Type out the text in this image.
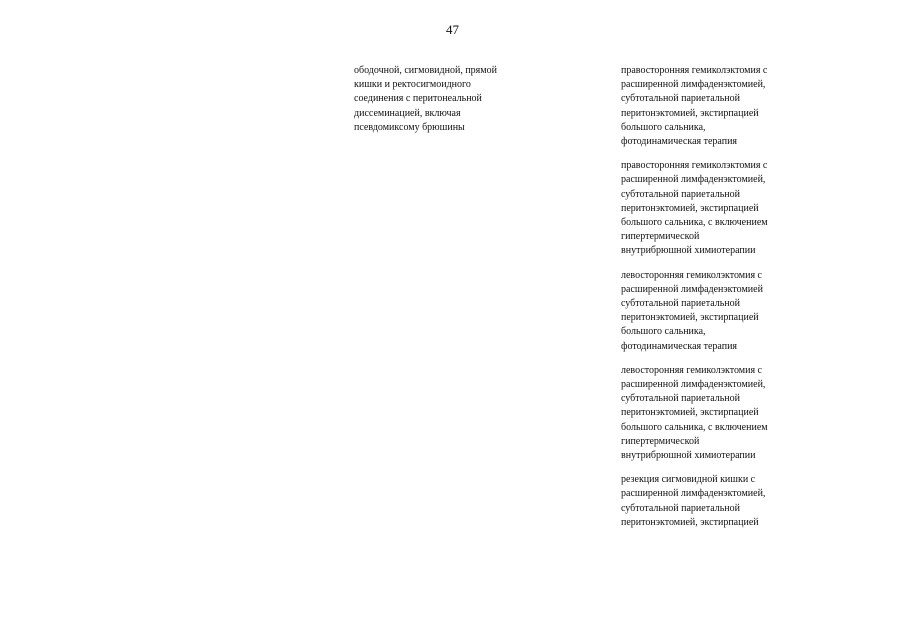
47
ободочной, сигмовидной, прямой
кишки и ректосигмоидного
соединения с перитонеальной
диссеминацией, включая
псевдомиксому брюшины
правосторонняя гемиколэктомия с
расширенной лимфаденэктомией,
субтотальной париетальной
перитонэктомией, экстирпацией
большого сальника,
фотодинамическая терапия
правосторонняя гемиколэктомия с
расширенной лимфаденэктомией,
субтотальной париетальной
перитонэктомией, экстирпацией
большого сальника, с включением
гипертермической
внутрибрюшной химиотерапии
левосторонняя гемиколэктомия с
расширенной лимфаденэктомией
субтотальной париетальной
перитонэктомией, экстирпацией
большого сальника,
фотодинамическая терапия
левосторонняя гемиколэктомия с
расширенной лимфаденэктомией,
субтотальной париетальной
перитонэктомией, экстирпацией
большого сальника, с включением
гипертермической
внутрибрюшной химиотерапии
резекция сигмовидной кишки с
расширенной лимфаденэктомией,
субтотальной париетальной
перитонэктомией, экстирпацией
